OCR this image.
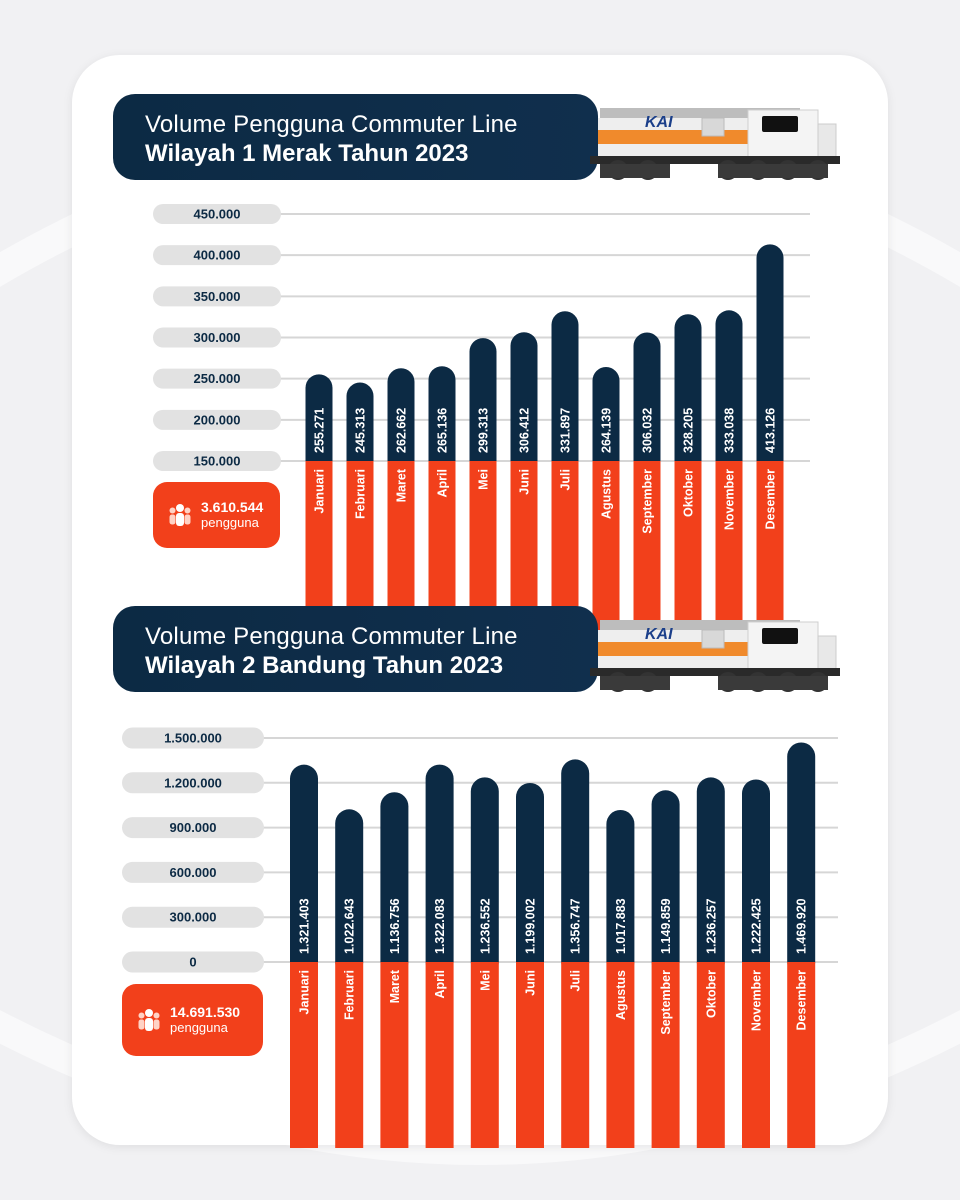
Volume Pengguna Commuter Line
Wilayah 1 Merak Tahun 2023
KAI
150.000
200.000
250.000
300.000
350.000
400.000
450.000
255.271
Januari
245.313
Februari
262.662
Maret
265.136
April
299.313
Mei
306.412
Juni
331.897
Juli
264.139
Agustus
306.032
September
328.205
Oktober
333.038
November
413.126
Desember
3.610.544
pengguna
Volume Pengguna Commuter Line
Wilayah 2 Bandung Tahun 2023
KAI
0
300.000
600.000
900.000
1.200.000
1.500.000
1.321.403
Januari
1.022.643
Februari
1.136.756
Maret
1.322.083
April
1.236.552
Mei
1.199.002
Juni
1.356.747
Juli
1.017.883
Agustus
1.149.859
September
1.236.257
Oktober
1.222.425
November
1.469.920
Desember
14.691.530
pengguna
